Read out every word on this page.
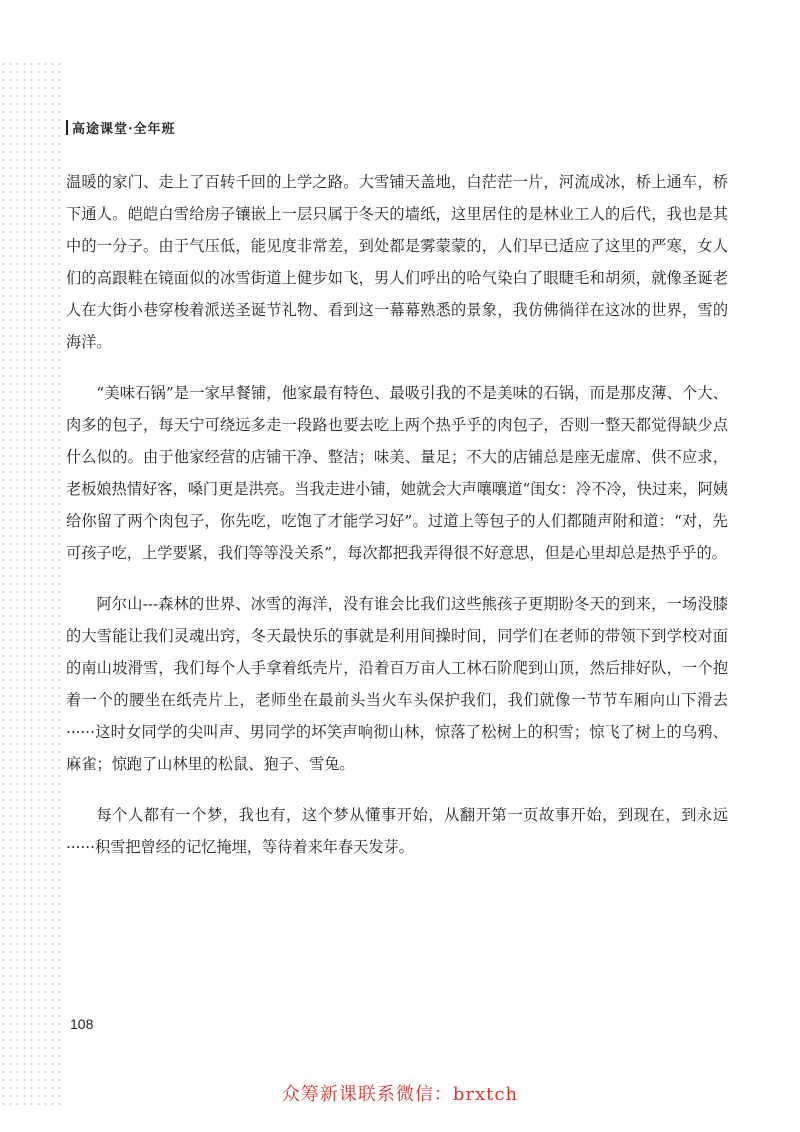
高途课堂·全年班

温暖的家门、走上了百转千回的上学之路。大雪铺天盖地，白茫茫一片，河流成冰，桥上通车，桥下通人。皑皑白雪给房子镶嵌上一层只属于冬天的墙纸，这里居住的是林业工人的后代，我也是其中的一分子。由于气压低，能见度非常差，到处都是雾蒙蒙的，人们早已适应了这里的严寒，女人们的高跟鞋在镜面似的冰雪街道上健步如飞，男人们呼出的哈气染白了眼睫毛和胡须，就像圣诞老人在大街小巷穿梭着派送圣诞节礼物、看到这一幕幕熟悉的景象，我仿佛徜徉在这冰的世界，雪的海洋。

“美味石锅”是一家早餐铺，他家最有特色、最吸引我的不是美味的石锅，而是那皮薄、个大、肉多的包子，每天宁可绕远多走一段路也要去吃上两个热乎乎的肉包子，否则一整天都觉得缺少点什么似的。由于他家经营的店铺干净、整洁；味美、量足；不大的店铺总是座无虚席、供不应求，老板娘热情好客，嗓门更是洪亮。当我走进小铺，她就会大声嚷嚷道“闺女：冷不冷，快过来，阿姨给你留了两个肉包子，你先吃，吃饱了才能学习好”。过道上等包子的人们都随声附和道：“对，先可孩子吃，上学要紧，我们等等没关系”，每次都把我弄得很不好意思，但是心里却总是热乎乎的。

阿尔山---森林的世界、冰雪的海洋，没有谁会比我们这些熊孩子更期盼冬天的到来，一场没膝的大雪能让我们灵魂出窍，冬天最快乐的事就是利用间操时间，同学们在老师的带领下到学校对面的南山坡滑雪，我们每个人手拿着纸壳片，沿着百万亩人工林石阶爬到山顶，然后排好队，一个抱着一个的腰坐在纸壳片上，老师坐在最前头当火车头保护我们，我们就像一节节车厢向山下滑去······这时女同学的尖叫声、男同学的坏笑声响彻山林，惊落了松树上的积雪；惊飞了树上的乌鸦、麻雀；惊跑了山林里的松鼠、狍子、雪兔。

每个人都有一个梦，我也有，这个梦从懂事开始，从翻开第一页故事开始，到现在，到永远······积雪把曾经的记忆掩埋，等待着来年春天发芽。

108
众筹新课联系微信：brxtch
